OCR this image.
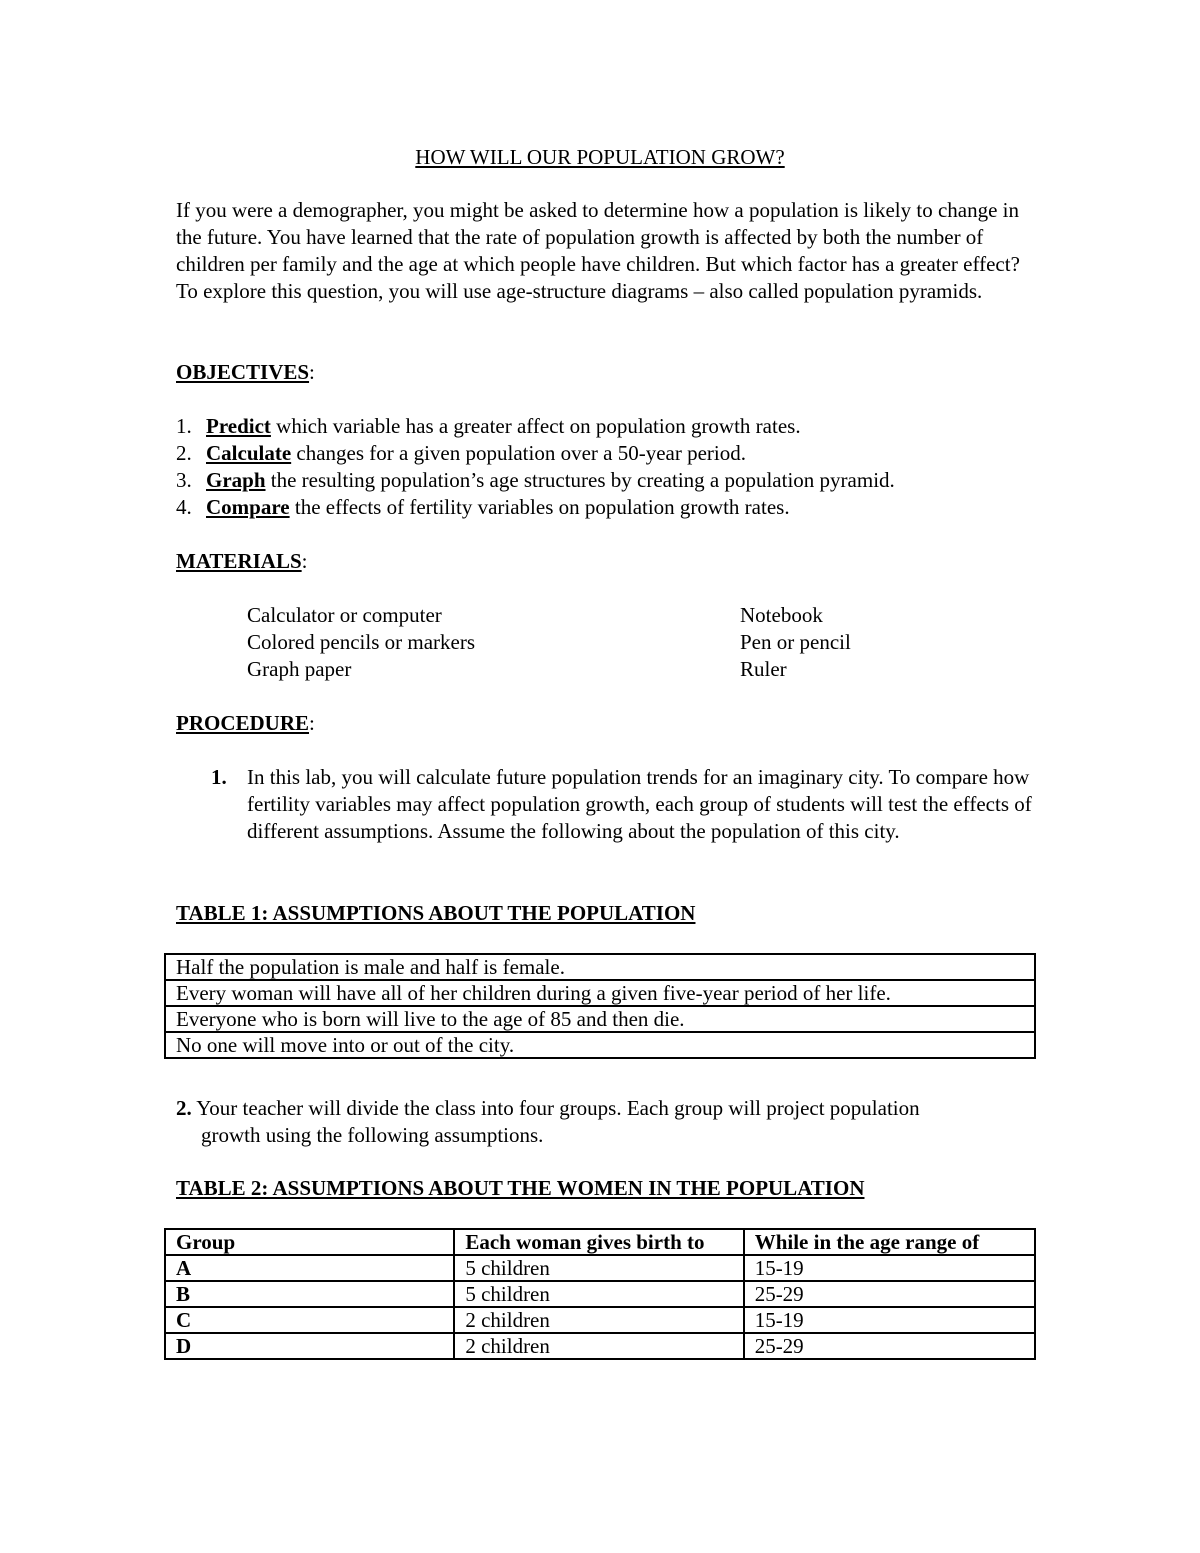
HOW WILL OUR POPULATION GROW?
If you were a demographer, you might be asked to determine how a population is likely to change in the future. You have learned that the rate of population growth is affected by both the number of children per family and the age at which people have children. But which factor has a greater effect? To explore this question, you will use age-structure diagrams – also called population pyramids.
OBJECTIVES:
1. Predict which variable has a greater affect on population growth rates.
2. Calculate changes for a given population over a 50-year period.
3. Graph the resulting population’s age structures by creating a population pyramid.
4. Compare the effects of fertility variables on population growth rates.
MATERIALS:
Calculator or computer	Notebook
Colored pencils or markers	Pen or pencil
Graph paper	Ruler
PROCEDURE:
1. In this lab, you will calculate future population trends for an imaginary city. To compare how fertility variables may affect population growth, each group of students will test the effects of different assumptions. Assume the following about the population of this city.
TABLE 1: ASSUMPTIONS ABOUT THE POPULATION
Half the population is male and half is female.
Every woman will have all of her children during a given five-year period of her life.
Everyone who is born will live to the age of 85 and then die.
No one will move into or out of the city.
2. Your teacher will divide the class into four groups. Each group will project population
growth using the following assumptions.
TABLE 2: ASSUMPTIONS ABOUT THE WOMEN IN THE POPULATION
Group	Each woman gives birth to	While in the age range of
A	5 children	15-19
B	5 children	25-29
C	2 children	15-19
D	2 children	25-29
